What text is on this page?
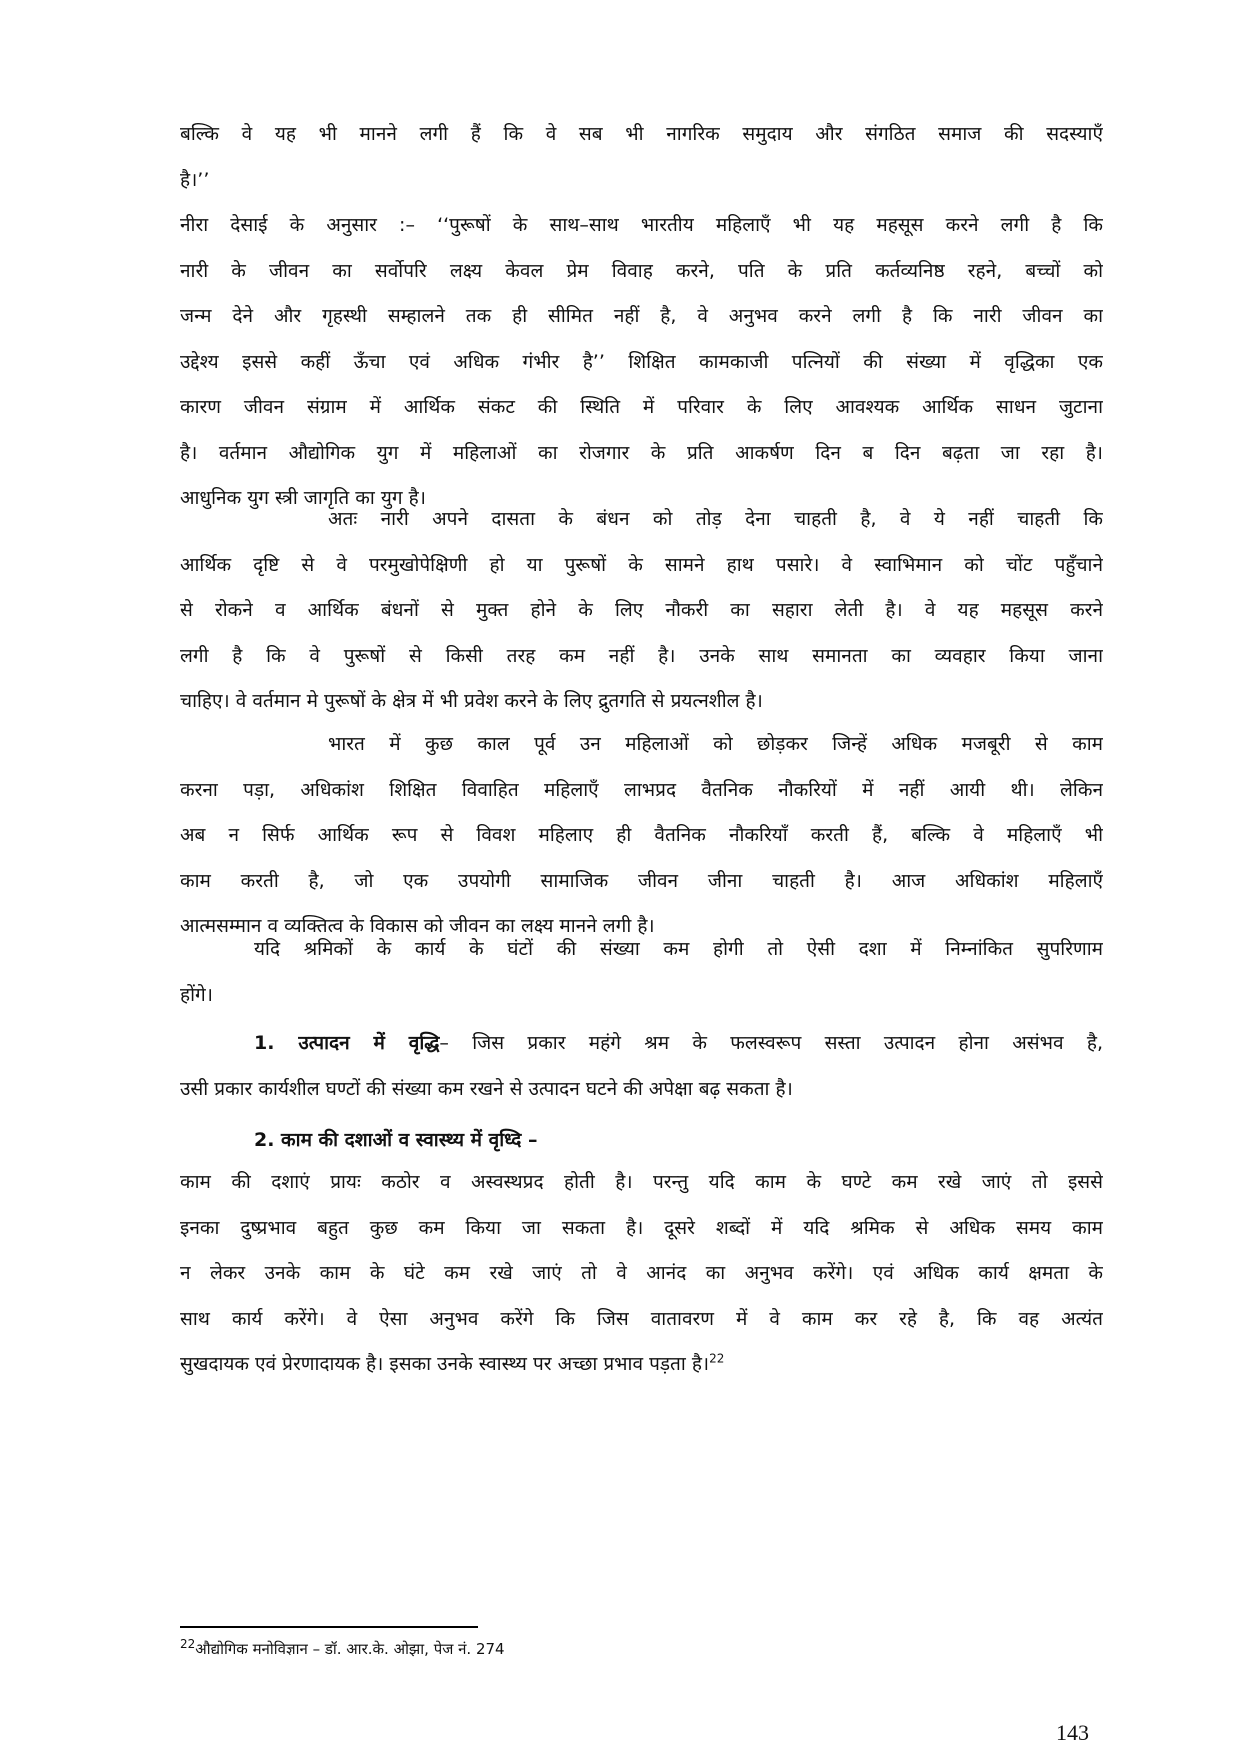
बल्कि वे यह भी मानने लगी हैं कि वे सब भी नागरिक समुदाय और संगठित समाज की सदस्याएँ
है।’’
नीरा देसाई के अनुसार :– ‘‘पुरूषों के साथ–साथ भारतीय महिलाएँ भी यह महसूस करने लगी है कि
नारी के जीवन का सर्वोपरि लक्ष्य केवल प्रेम विवाह करने, पति के प्रति कर्तव्यनिष्ठ रहने, बच्चों को
जन्म देने और गृहस्थी सम्हालने तक ही सीमित नहीं है, वे अनुभव करने लगी है कि नारी जीवन का
उद्देश्य इससे कहीं ऊँचा एवं अधिक गंभीर है’’ शिक्षित कामकाजी पत्नियों की संख्या में वृद्धिका एक
कारण जीवन संग्राम में आर्थिक संकट की स्थिति में परिवार के लिए आवश्यक आर्थिक साधन जुटाना
है। वर्तमान औद्योगिक युग में महिलाओं का रोजगार के प्रति आकर्षण दिन ब दिन बढ़ता जा रहा है।
आधुनिक युग स्त्री जागृति का युग है।
अतः नारी अपने दासता के बंधन को तोड़ देना चाहती है, वे ये नहीं चाहती कि
आर्थिक दृष्टि से वे परमुखोपेक्षिणी हो या पुरूषों के सामने हाथ पसारे। वे स्वाभिमान को चोंट पहुँचाने
से रोकने व आर्थिक बंधनों से मुक्त होने के लिए नौकरी का सहारा लेती है। वे यह महसूस करने
लगी है कि वे पुरूषों से किसी तरह कम नहीं है। उनके साथ समानता का व्यवहार किया जाना
चाहिए। वे वर्तमान मे पुरूषों के क्षेत्र में भी प्रवेश करने के लिए द्रुतगति से प्रयत्नशील है।
भारत में कुछ काल पूर्व उन महिलाओं को छोड़कर जिन्हें अधिक मजबूरी से काम
करना पड़ा, अधिकांश शिक्षित विवाहित महिलाएँ लाभप्रद वैतनिक नौकरियों में नहीं आयी थी। लेकिन
अब न सिर्फ आर्थिक रूप से विवश महिलाए ही वैतनिक नौकरियाँ करती हैं, बल्कि वे महिलाएँ भी
काम करती है, जो एक उपयोगी सामाजिक जीवन जीना चाहती है। आज अधिकांश महिलाएँ
आत्मसम्मान व व्यक्तित्व के विकास को जीवन का लक्ष्य मानने लगी है।
यदि श्रमिकों के कार्य के घंटों की संख्या कम होगी तो ऐसी दशा में निम्नांकित सुपरिणाम
होंगे।
1. उत्पादन में वृद्धि– जिस प्रकार महंगे श्रम के फलस्वरूप सस्ता उत्पादन होना असंभव है,
उसी प्रकार कार्यशील घण्टों की संख्या कम रखने से उत्पादन घटने की अपेक्षा बढ़ सकता है।
2. काम की दशाओं व स्वास्थ्य में वृध्दि –
काम की दशाएं प्रायः कठोर व अस्वस्थप्रद होती है। परन्तु यदि काम के घण्टे कम रखे जाएं तो इससे
इनका दुष्प्रभाव बहुत कुछ कम किया जा सकता है। दूसरे शब्दों में यदि श्रमिक से अधिक समय काम
न लेकर उनके काम के घंटे कम रखे जाएं तो वे आनंद का अनुभव करेंगे। एवं अधिक कार्य क्षमता के
साथ कार्य करेंगे। वे ऐसा अनुभव करेंगे कि जिस वातावरण में वे काम कर रहे है, कि वह अत्यंत
सुखदायक एवं प्रेरणादायक है। इसका उनके स्वास्थ्य पर अच्छा प्रभाव पड़ता है।$^{22}$
$^{22}$औद्योगिक मनोविज्ञान – डॉ. आर.के. ओझा, पेज नं. 274
143
